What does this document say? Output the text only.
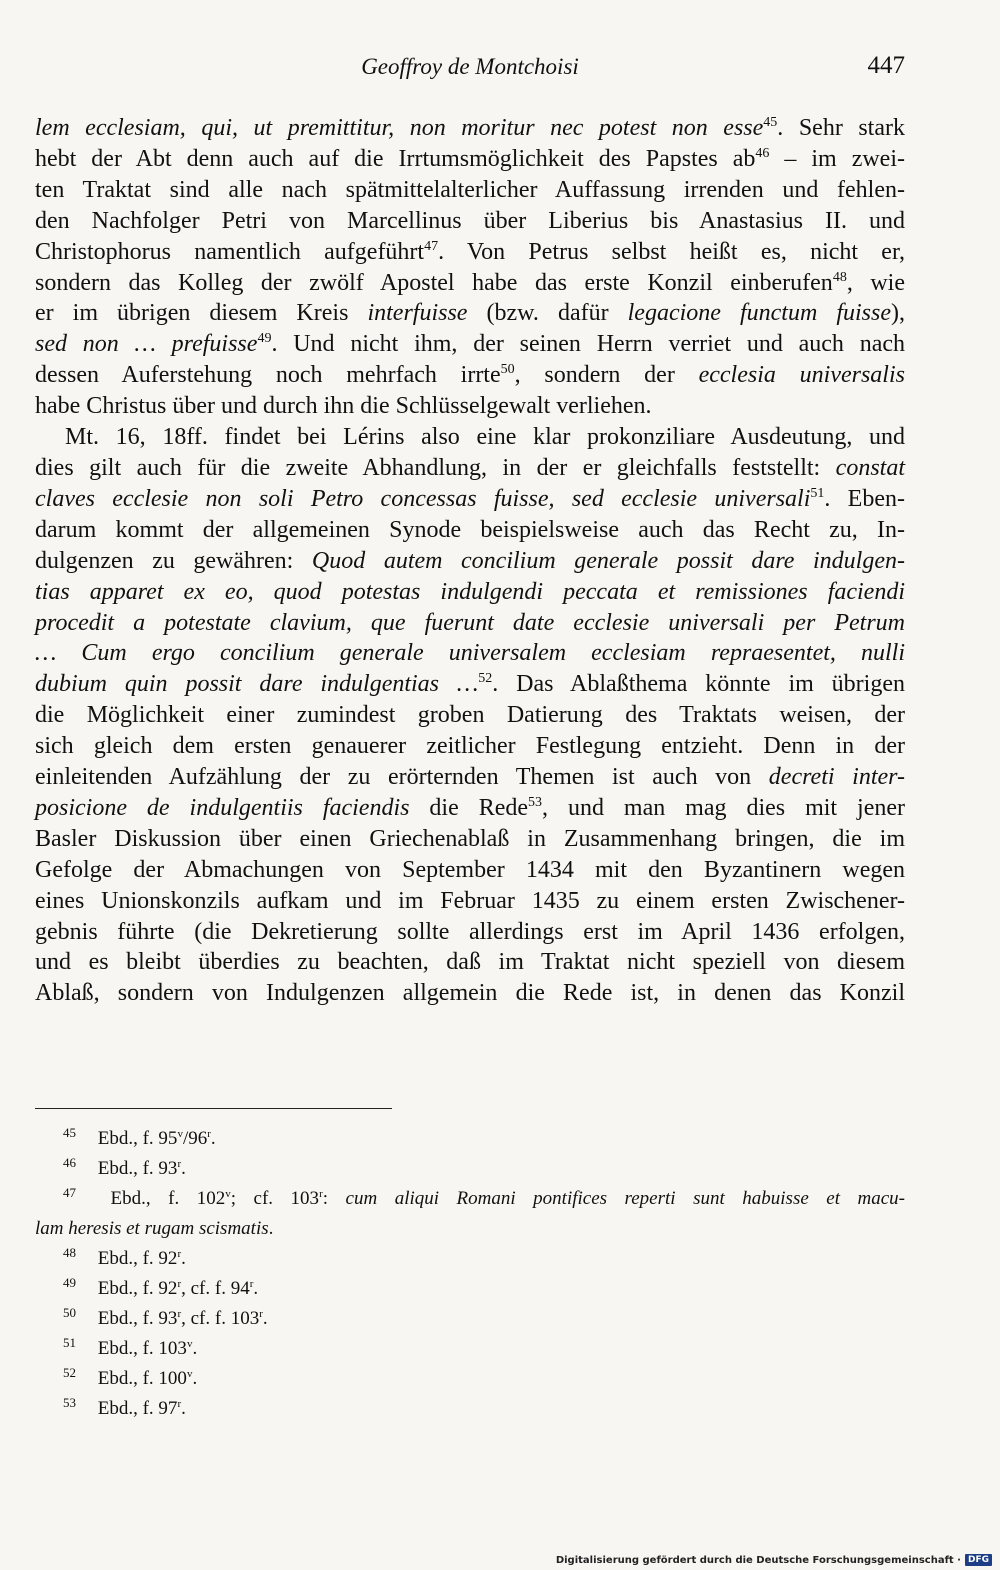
Geoffroy de Montchoisi	447
lem ecclesiam, qui, ut premittitur, non moritur nec potest non esse$^{45}$. Sehr stark
hebt der Abt denn auch auf die Irrtumsmöglichkeit des Papstes ab$^{46}$ – im zwei-
ten Traktat sind alle nach spätmittelalterlicher Auffassung irrenden und fehlen-
den Nachfolger Petri von Marcellinus über Liberius bis Anastasius II. und
Christophorus namentlich aufgeführt$^{47}$. Von Petrus selbst heißt es, nicht er,
sondern das Kolleg der zwölf Apostel habe das erste Konzil einberufen$^{48}$, wie
er im übrigen diesem Kreis interfuisse (bzw. dafür legacione functum fuisse),
sed non … prefuisse$^{49}$. Und nicht ihm, der seinen Herrn verriet und auch nach
dessen Auferstehung noch mehrfach irrte$^{50}$, sondern der ecclesia universalis
habe Christus über und durch ihn die Schlüsselgewalt verliehen.
Mt. 16, 18ff. findet bei Lérins also eine klar prokonziliare Ausdeutung, und
dies gilt auch für die zweite Abhandlung, in der er gleichfalls feststellt: constat
claves ecclesie non soli Petro concessas fuisse, sed ecclesie universali$^{51}$. Eben-
darum kommt der allgemeinen Synode beispielsweise auch das Recht zu, In-
dulgenzen zu gewähren: Quod autem concilium generale possit dare indulgen-
tias apparet ex eo, quod potestas indulgendi peccata et remissiones faciendi
procedit a potestate clavium, que fuerunt date ecclesie universali per Petrum
… Cum ergo concilium generale universalem ecclesiam repraesentet, nulli
dubium quin possit dare indulgentias …$^{52}$. Das Ablaßthema könnte im übrigen
die Möglichkeit einer zumindest groben Datierung des Traktats weisen, der
sich gleich dem ersten genauerer zeitlicher Festlegung entzieht. Denn in der
einleitenden Aufzählung der zu erörternden Themen ist auch von decreti inter-
posicione de indulgentiis faciendis die Rede$^{53}$, und man mag dies mit jener
Basler Diskussion über einen Griechenablaß in Zusammenhang bringen, die im
Gefolge der Abmachungen von September 1434 mit den Byzantinern wegen
eines Unionskonzils aufkam und im Februar 1435 zu einem ersten Zwischener-
gebnis führte (die Dekretierung sollte allerdings erst im April 1436 erfolgen,
und es bleibt überdies zu beachten, daß im Traktat nicht speziell von diesem
Ablaß, sondern von Indulgenzen allgemein die Rede ist, in denen das Konzil
45 Ebd., f. 95$^v$/96$^r$.
46 Ebd., f. 93$^r$.
47 Ebd., f. 102$^v$; cf. 103$^r$: cum aliqui Romani pontifices reperti sunt habuisse et macu-
lam heresis et rugam scismatis.
48 Ebd., f. 92$^r$.
49 Ebd., f. 92$^r$, cf. f. 94$^r$.
50 Ebd., f. 93$^r$, cf. f. 103$^r$.
51 Ebd., f. 103$^v$.
52 Ebd., f. 100$^v$.
53 Ebd., f. 97$^r$.
Digitalisierung gefördert durch die Deutsche Forschungsgemeinschaft · DFG
